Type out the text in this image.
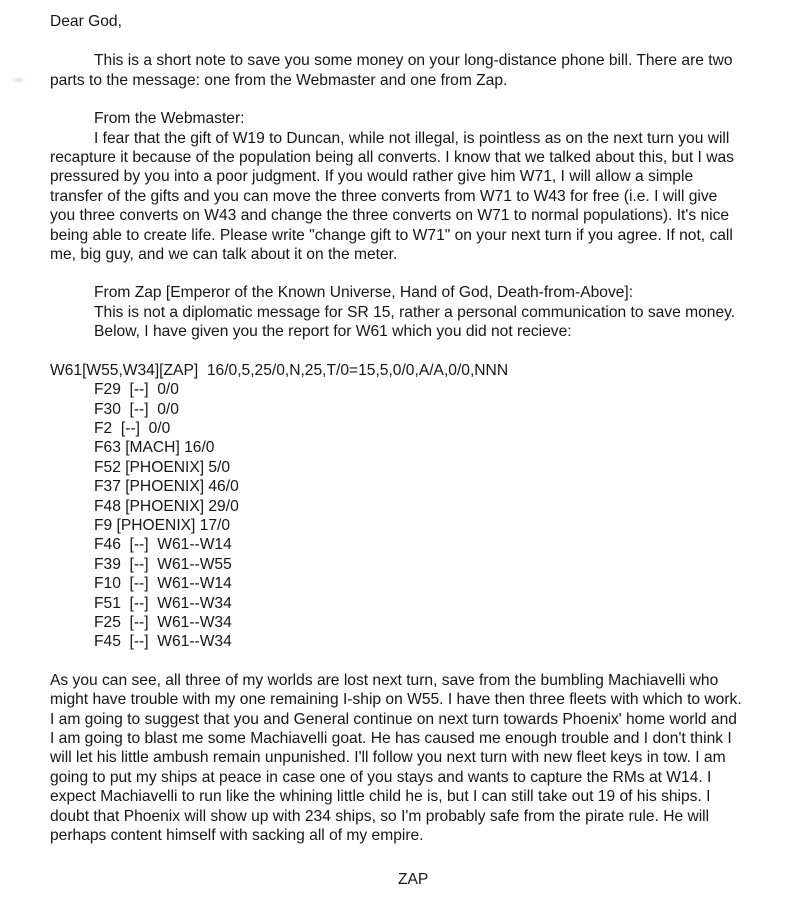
Dear God,

This is a short note to save you some money on your long-distance phone bill. There are two parts to the message: one from the Webmaster and one from Zap.

From the Webmaster:

I fear that the gift of W19 to Duncan, while not illegal, is pointless as on the next turn you will recapture it because of the population being all converts. I know that we talked about this, but I was pressured by you into a poor judgment. If you would rather give him W71, I will allow a simple transfer of the gifts and you can move the three converts from W71 to W43 for free (i.e. I will give you three converts on W43 and change the three converts on W71 to normal populations). It's nice being able to create life. Please write "change gift to W71" on your next turn if you agree. If not, call me, big guy, and we can talk about it on the meter.

From Zap [Emperor of the Known Universe, Hand of God, Death-from-Above]:

This is not a diplomatic message for SR 15, rather a personal communication to save money.

Below, I have given you the report for W61 which you did not recieve:

W61[W55,W34][ZAP]  16/0,5,25/0,N,25,T/0=15,5,0/0,A/A,0/0,NNN
F29  [--]  0/0
F30  [--]  0/0
F2  [--]  0/0
F63 [MACH] 16/0
F52 [PHOENIX] 5/0
F37 [PHOENIX] 46/0
F48 [PHOENIX] 29/0
F9 [PHOENIX] 17/0
F46  [--]  W61--W14
F39  [--]  W61--W55
F10  [--]  W61--W14
F51  [--]  W61--W34
F25  [--]  W61--W34
F45  [--]  W61--W34

As you can see, all three of my worlds are lost next turn, save from the bumbling Machiavelli who might have trouble with my one remaining I-ship on W55. I have then three fleets with which to work. I am going to suggest that you and General continue on next turn towards Phoenix' home world and I am going to blast me some Machiavelli goat. He has caused me enough trouble and I don't think I will let his little ambush remain unpunished. I'll follow you next turn with new fleet keys in tow. I am going to put my ships at peace in case one of you stays and wants to capture the RMs at W14. I expect Machiavelli to run like the whining little child he is, but I can still take out 19 of his ships. I doubt that Phoenix will show up with 234 ships, so I'm probably safe from the pirate rule. He will perhaps content himself with sacking all of my empire.

ZAP
